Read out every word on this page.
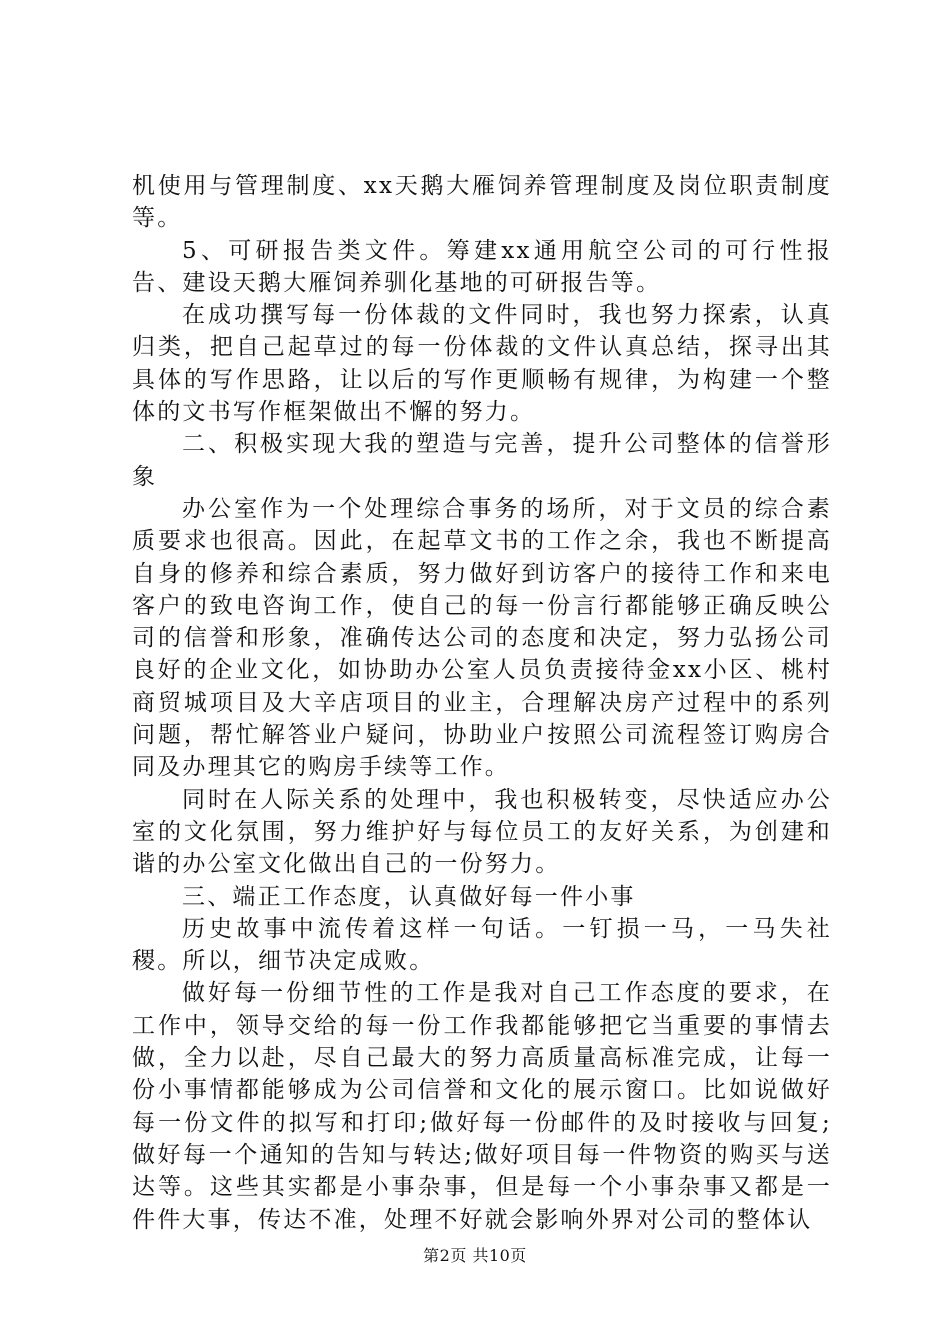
机使用与管理制度、xx天鹅大雁饲养管理制度及岗位职责制度等。

5、可研报告类文件。筹建xx通用航空公司的可行性报告、建设天鹅大雁饲养驯化基地的可研报告等。

在成功撰写每一份体裁的文件同时，我也努力探索，认真归类，把自己起草过的每一份体裁的文件认真总结，探寻出其具体的写作思路，让以后的写作更顺畅有规律，为构建一个整体的文书写作框架做出不懈的努力。

二、积极实现大我的塑造与完善，提升公司整体的信誉形象

办公室作为一个处理综合事务的场所，对于文员的综合素质要求也很高。因此，在起草文书的工作之余，我也不断提高自身的修养和综合素质，努力做好到访客户的接待工作和来电客户的致电咨询工作，使自己的每一份言行都能够正确反映公司的信誉和形象，准确传达公司的态度和决定，努力弘扬公司良好的企业文化，如协助办公室人员负责接待金xx小区、桃村商贸城项目及大辛店项目的业主，合理解决房产过程中的系列问题，帮忙解答业户疑问，协助业户按照公司流程签订购房合同及办理其它的购房手续等工作。

同时在人际关系的处理中，我也积极转变，尽快适应办公室的文化氛围，努力维护好与每位员工的友好关系，为创建和谐的办公室文化做出自己的一份努力。

三、端正工作态度，认真做好每一件小事

历史故事中流传着这样一句话。一钉损一马，一马失社稷。所以，细节决定成败。

做好每一份细节性的工作是我对自己工作态度的要求，在工作中，领导交给的每一份工作我都能够把它当重要的事情去做，全力以赴，尽自己最大的努力高质量高标准完成，让每一份小事情都能够成为公司信誉和文化的展示窗口。比如说做好每一份文件的拟写和打印;做好每一份邮件的及时接收与回复;做好每一个通知的告知与转达;做好项目每一件物资的购买与送达等。这些其实都是小事杂事，但是每一个小事杂事又都是一件件大事，传达不准，处理不好就会影响外界对公司的整体认

第2页 共10页
